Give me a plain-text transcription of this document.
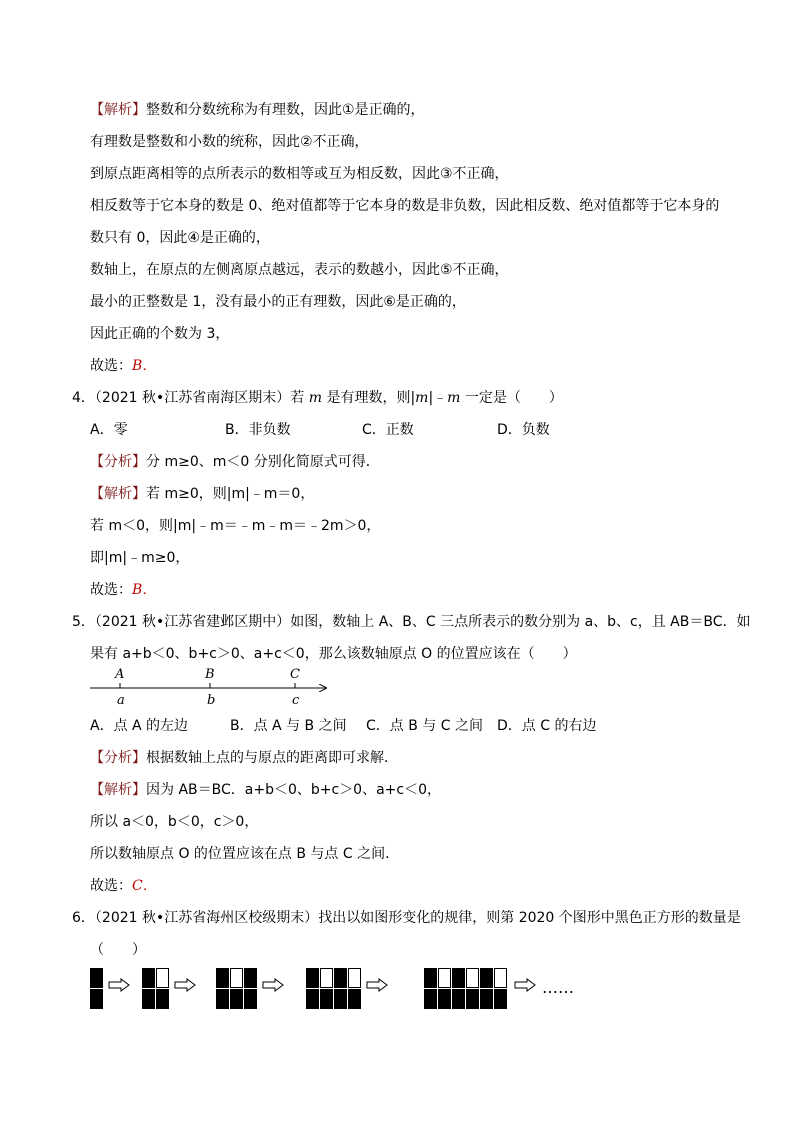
【解析】整数和分数统称为有理数，因此①是正确的，
有理数是整数和小数的统称，因此②不正确，
到原点距离相等的点所表示的数相等或互为相反数，因此③不正确，
相反数等于它本身的数是 0、绝对值都等于它本身的数是非负数，因此相反数、绝对值都等于它本身的
数只有 0，因此④是正确的，
数轴上，在原点的左侧离原点越远，表示的数越小，因此⑤不正确，
最小的正整数是 1，没有最小的正有理数，因此⑥是正确的，
因此正确的个数为 3，
故选：B．
4．（2021 秋•江苏省南海区期末）若 m 是有理数，则|m|﹣m 一定是（　　）
A．零	B．非负数	C．正数	D．负数
【分析】分 m≥0、m＜0 分别化简原式可得．
【解析】若 m≥0，则|m|﹣m＝0，
若 m＜0，则|m|﹣m＝﹣m﹣m＝﹣2m＞0，
即|m|﹣m≥0，
故选：B．
5．（2021 秋•江苏省建邺区期中）如图，数轴上 A、B、C 三点所表示的数分别为 a、b、c，且 AB＝BC．如
果有 a+b＜0、b+c＞0、a+c＜0，那么该数轴原点 O 的位置应该在（　　）
A	B	C
a	b	c
A．点 A 的左边	B．点 A 与 B 之间 C．点 B 与 C 之间 D．点 C 的右边
【分析】根据数轴上点的与原点的距离即可求解．
【解析】因为 AB＝BC．a+b＜0、b+c＞0、a+c＜0，
所以 a＜0，b＜0，c＞0，
所以数轴原点 O 的位置应该在点 B 与点 C 之间．
故选：C．
6．（2021 秋•江苏省海州区校级期末）找出以如图形变化的规律，则第 2020 个图形中黑色正方形的数量是
（　　）
……
